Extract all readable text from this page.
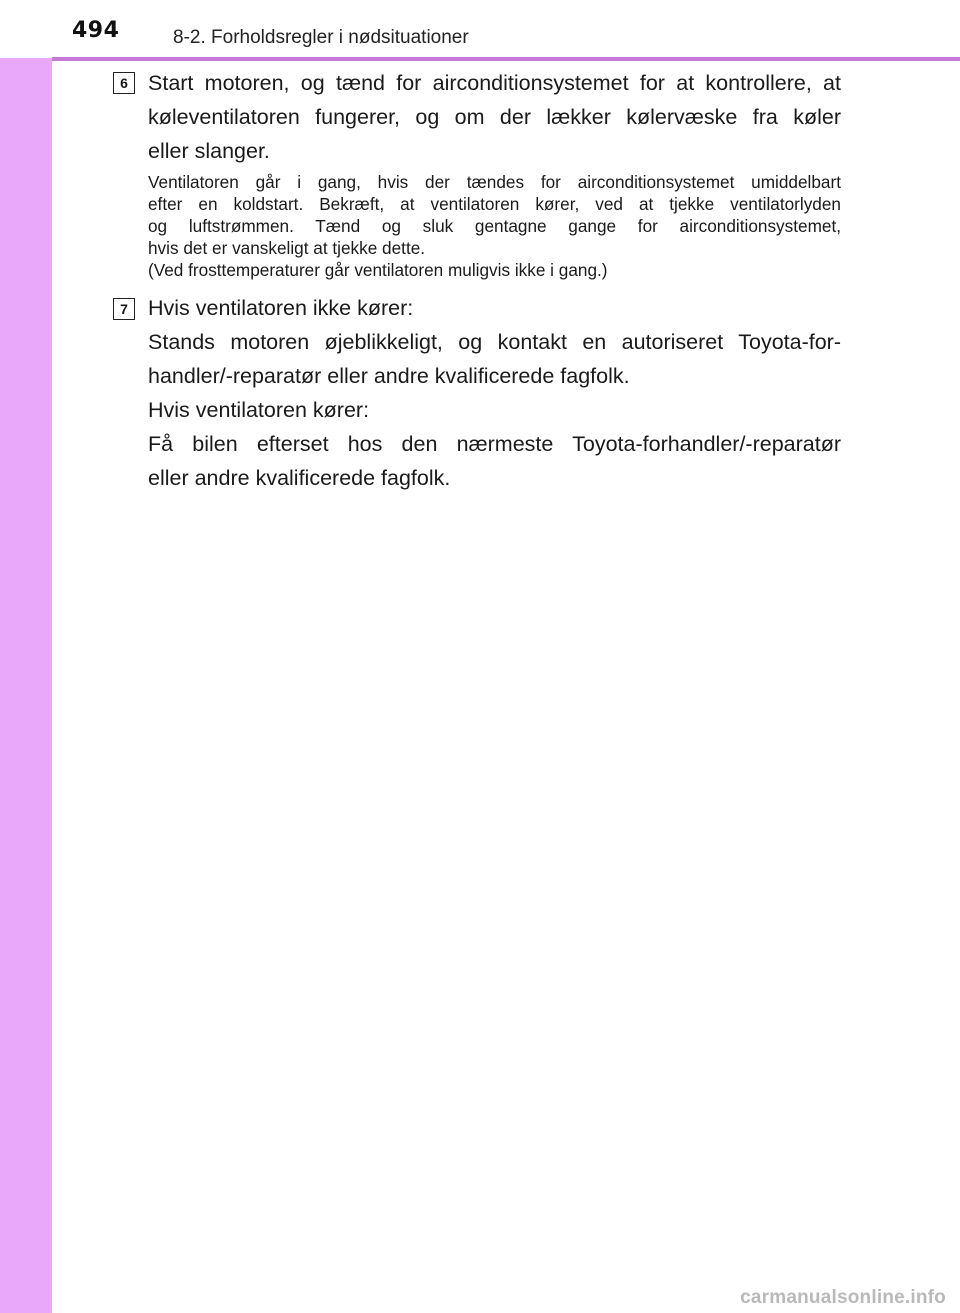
494	8-2. Forholdsregler i nødsituationer
6 Start motoren, og tænd for airconditionsystemet for at kontrollere, at
køleventilatoren fungerer, og om der lækker kølervæske fra køler
eller slanger.
Ventilatoren går i gang, hvis der tændes for airconditionsystemet umiddelbart
efter en koldstart. Bekræft, at ventilatoren kører, ved at tjekke ventilatorlyden
og luftstrømmen. Tænd og sluk gentagne gange for airconditionsystemet,
hvis det er vanskeligt at tjekke dette.
(Ved frosttemperaturer går ventilatoren muligvis ikke i gang.)
7 Hvis ventilatoren ikke kører:
Stands motoren øjeblikkeligt, og kontakt en autoriseret Toyota-for-
handler/-reparatør eller andre kvalificerede fagfolk.
Hvis ventilatoren kører:
Få bilen efterset hos den nærmeste Toyota-forhandler/-reparatør
eller andre kvalificerede fagfolk.
carmanualsonline.info
